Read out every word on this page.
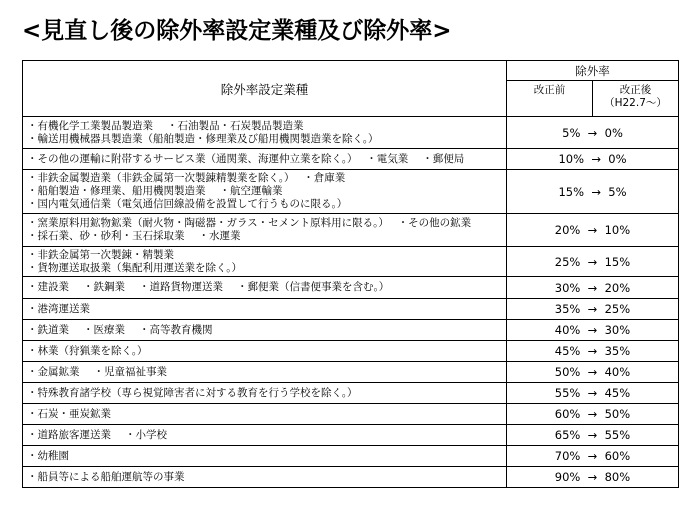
<見直し後の除外率設定業種及び除外率>
除外率設定業種	除外率	
	改正前	改正後
（H22.7～）

・有機化学工業製品製造業 ・石油製品・石炭製品製造業
・輸送用機械器具製造業（船舶製造・修理業及び船用機関製造業を除く。）	5%  →  0%	

・その他の運輸に附帯するサービス業（通関業、海運仲立業を除く。） ・電気業 ・郵便局	10%  →  0%	

・非鉄金属製造業（非鉄金属第一次製錬精製業を除く。） ・倉庫業
・船舶製造・修理業、船用機関製造業 ・航空運輸業
・国内電気通信業（電気通信回線設備を設置して行うものに限る。）	15%  →  5%	

・窯業原料用鉱物鉱業（耐火物・陶磁器・ガラス・セメント原料用に限る。） ・その他の鉱業
・採石業、砂・砂利・玉石採取業 ・水運業	20%  →  10%	

・非鉄金属第一次製錬・精製業
・貨物運送取扱業（集配利用運送業を除く。）	25%  →  15%	

・建設業 ・鉄鋼業 ・道路貨物運送業 ・郵便業（信書便事業を含む。）	30%  →  20%	

・港湾運送業	35%  →  25%	

・鉄道業 ・医療業 ・高等教育機関	40%  →  30%	

・林業（狩猟業を除く。）	45%  →  35%	

・金属鉱業 ・児童福祉事業	50%  →  40%	

・特殊教育諸学校（専ら視覚障害者に対する教育を行う学校を除く。）	55%  →  45%	

・石炭・亜炭鉱業	60%  →  50%	

・道路旅客運送業 ・小学校	65%  →  55%	

・幼稚園	70%  →  60%	

・船員等による船舶運航等の事業	90%  →  80%	
